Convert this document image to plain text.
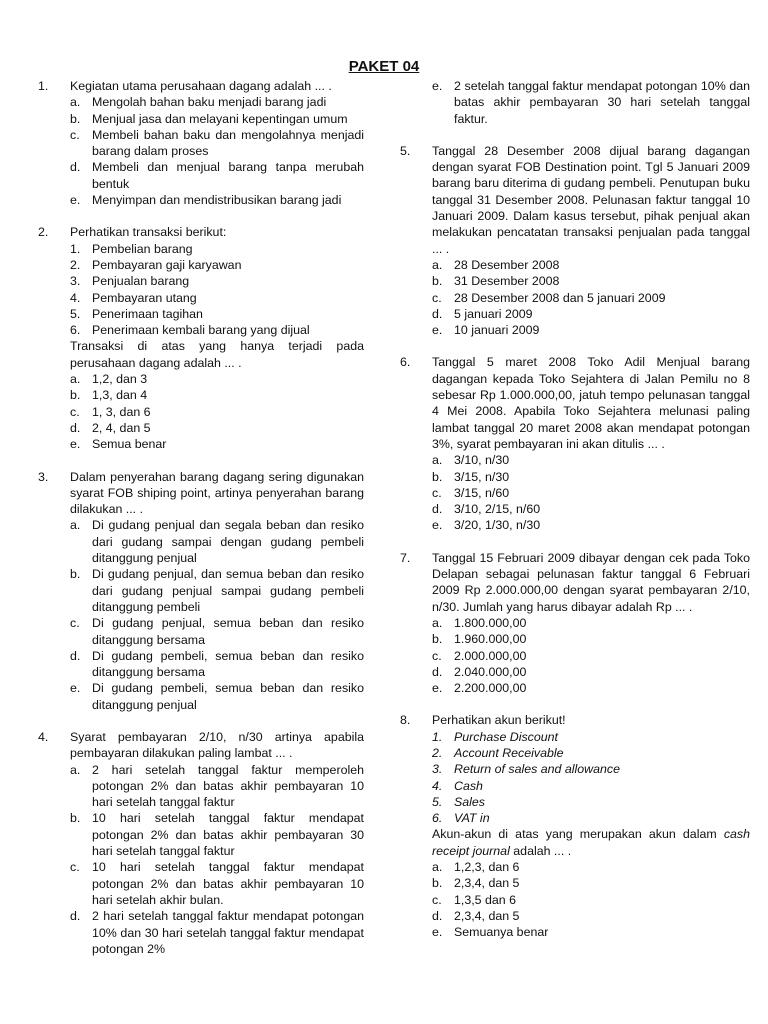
PAKET 04
1.	Kegiatan utama perusahaan dagang adalah ... .
a. Mengolah bahan baku menjadi barang jadi
b. Menjual jasa dan melayani kepentingan umum
c. Membeli bahan baku dan mengolahnya menjadi barang dalam proses
d. Membeli dan menjual barang tanpa merubah bentuk
e. Menyimpan dan mendistribusikan barang jadi
2.	Perhatikan transaksi berikut:
1. Pembelian barang
2. Pembayaran gaji karyawan
3. Penjualan barang
4. Pembayaran utang
5. Penerimaan tagihan
6. Penerimaan kembali barang yang dijual
Transaksi di atas yang hanya terjadi pada perusahaan dagang adalah ... .
a. 1,2, dan 3
b. 1,3, dan 4
c. 1, 3, dan 6
d. 2, 4, dan 5
e. Semua benar
3.	Dalam penyerahan barang dagang sering digunakan syarat FOB shiping point, artinya penyerahan barang dilakukan ... .
a. Di gudang penjual dan segala beban dan resiko dari gudang sampai dengan gudang pembeli ditanggung penjual
b. Di gudang penjual, dan semua beban dan resiko dari gudang penjual sampai gudang pembeli ditanggung pembeli
c. Di gudang penjual, semua beban dan resiko ditanggung bersama
d. Di gudang pembeli, semua beban dan resiko ditanggung bersama
e. Di gudang pembeli, semua beban dan resiko ditanggung penjual
4.	Syarat pembayaran 2/10, n/30 artinya apabila pembayaran dilakukan paling lambat ... .
a. 2 hari setelah tanggal faktur memperoleh potongan 2% dan batas akhir pembayaran 10 hari setelah tanggal faktur
b. 10 hari setelah tanggal faktur mendapat potongan 2% dan batas akhir pembayaran 30 hari setelah tanggal faktur
c. 10 hari setelah tanggal faktur mendapat potongan 2% dan batas akhir pembayaran 10 hari setelah akhir bulan.
d. 2 hari setelah tanggal faktur mendapat potongan 10% dan 30 hari setelah tanggal faktur mendapat potongan 2%
e. 2 setelah tanggal faktur mendapat potongan 10% dan batas akhir pembayaran 30 hari setelah tanggal faktur.
5.	Tanggal 28 Desember 2008 dijual barang dagangan dengan syarat FOB Destination point. Tgl 5 Januari 2009 barang baru diterima di gudang pembeli. Penutupan buku tanggal 31 Desember 2008. Pelunasan faktur tanggal 10 Januari 2009. Dalam kasus tersebut, pihak penjual akan melakukan pencatatan transaksi penjualan pada tanggal ... .
a. 28 Desember 2008
b. 31 Desember 2008
c. 28 Desember 2008 dan 5 januari 2009
d. 5 januari 2009
e. 10 januari 2009
6.	Tanggal 5 maret 2008 Toko Adil Menjual barang dagangan kepada Toko Sejahtera di Jalan Pemilu no 8 sebesar Rp 1.000.000,00, jatuh tempo pelunasan tanggal 4 Mei 2008. Apabila Toko Sejahtera melunasi paling lambat tanggal 20 maret 2008 akan mendapat potongan 3%, syarat pembayaran ini akan ditulis ... .
a. 3/10, n/30
b. 3/15, n/30
c. 3/15, n/60
d. 3/10, 2/15, n/60
e. 3/20, 1/30, n/30
7.	Tanggal 15 Februari 2009 dibayar dengan cek pada Toko Delapan sebagai pelunasan faktur tanggal 6 Februari 2009 Rp 2.000.000,00 dengan syarat pembayaran 2/10, n/30. Jumlah yang harus dibayar adalah Rp ... .
a. 1.800.000,00
b. 1.960.000,00
c. 2.000.000,00
d. 2.040.000,00
e. 2.200.000,00
8.	Perhatikan akun berikut!
1. Purchase Discount
2. Account Receivable
3. Return of sales and allowance
4. Cash
5. Sales
6. VAT in
Akun-akun di atas yang merupakan akun dalam cash receipt journal adalah ... .
a. 1,2,3, dan 6
b. 2,3,4, dan 5
c. 1,3,5 dan 6
d. 2,3,4, dan 5
e. Semuanya benar
